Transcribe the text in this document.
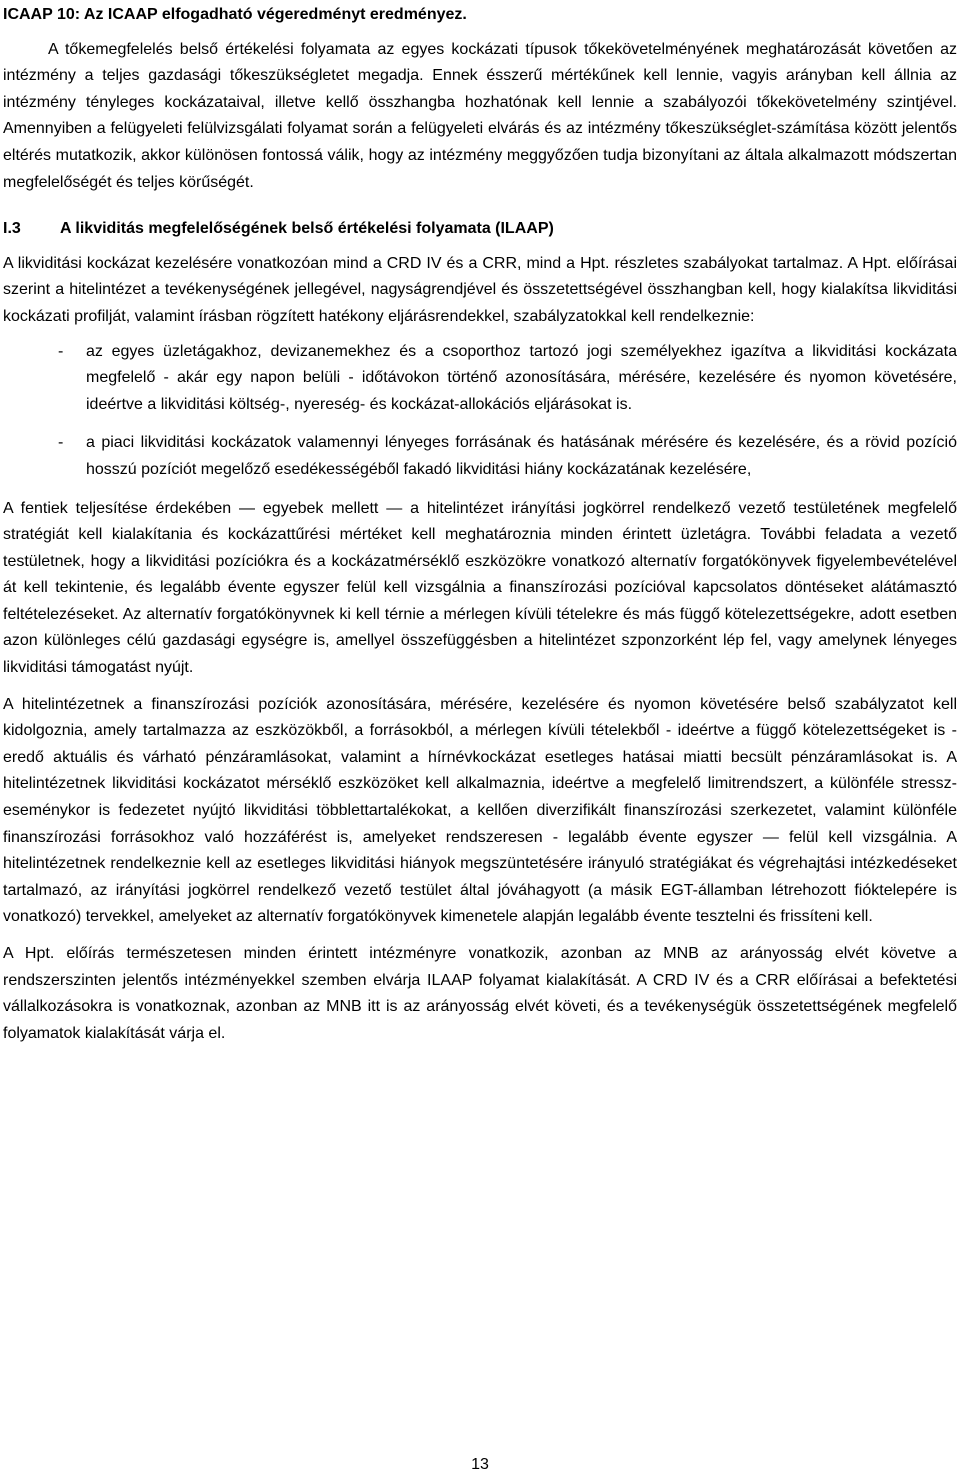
ICAAP 10: Az ICAAP elfogadható végeredményt eredményez.

A tőkemegfelelés belső értékelési folyamata az egyes kockázati típusok tőkekövetelményének meghatározását követően az intézmény a teljes gazdasági tőkeszükségletet megadja. Ennek ésszerű mértékűnek kell lennie, vagyis arányban kell állnia az intézmény tényleges kockázataival, illetve kellő összhangba hozhatónak kell lennie a szabályozói tőkekövetelmény szintjével. Amennyiben a felügyeleti felülvizsgálati folyamat során a felügyeleti elvárás és az intézmény tőkeszükséglet-számítása között jelentős eltérés mutatkozik, akkor különösen fontossá válik, hogy az intézmény meggyőzően tudja bizonyítani az általa alkalmazott módszertan megfelelőségét és teljes körűségét.

I.3	A likviditás megfelelőségének belső értékelési folyamata (ILAAP)

A likviditási kockázat kezelésére vonatkozóan mind a CRD IV és a CRR, mind a Hpt. részletes szabályokat tartalmaz. A Hpt. előírásai szerint a hitelintézet a tevékenységének jellegével, nagyságrendjével és összetettségével összhangban kell, hogy kialakítsa likviditási kockázati profilját, valamint írásban rögzített hatékony eljárásrendekkel, szabályzatokkal kell rendelkeznie:

-	az egyes üzletágakhoz, devizanemekhez és a csoporthoz tartozó jogi személyekhez igazítva a likviditási kockázata megfelelő - akár egy napon belüli - időtávokon történő azonosítására, mérésére, kezelésére és nyomon követésére, ideértve a likviditási költség-, nyereség- és kockázat-allokációs eljárásokat is.
-	a piaci likviditási kockázatok valamennyi lényeges forrásának és hatásának mérésére és kezelésére, és a rövid pozíció hosszú pozíciót megelőző esedékességéből fakadó likviditási hiány kockázatának kezelésére,

A fentiek teljesítése érdekében — egyebek mellett — a hitelintézet irányítási jogkörrel rendelkező vezető testületének megfelelő stratégiát kell kialakítania és kockázattűrési mértéket kell meghatároznia minden érintett üzletágra. További feladata a vezető testületnek, hogy a likviditási pozíciókra és a kockázatmérséklő eszközökre vonatkozó alternatív forgatókönyvek figyelembevételével át kell tekintenie, és legalább évente egyszer felül kell vizsgálnia a finanszírozási pozícióval kapcsolatos döntéseket alátámasztó feltételezéseket. Az alternatív forgatókönyvnek ki kell térnie a mérlegen kívüli tételekre és más függő kötelezettségekre, adott esetben azon különleges célú gazdasági egységre is, amellyel összefüggésben a hitelintézet szponzorként lép fel, vagy amelynek lényeges likviditási támogatást nyújt.

A hitelintézetnek a finanszírozási pozíciók azonosítására, mérésére, kezelésére és nyomon követésére belső szabályzatot kell kidolgoznia, amely tartalmazza az eszközökből, a forrásokból, a mérlegen kívüli tételekből - ideértve a függő kötelezettségeket is - eredő aktuális és várható pénzáramlásokat, valamint a hírnévkockázat esetleges hatásai miatti becsült pénzáramlásokat is. A hitelintézetnek likviditási kockázatot mérséklő eszközöket kell alkalmaznia, ideértve a megfelelő limitrendszert, a különféle stressz-eseménykor is fedezetet nyújtó likviditási többlettartalékokat, a kellően diverzifikált finanszírozási szerkezetet, valamint különféle finanszírozási forrásokhoz való hozzáférést is, amelyeket rendszeresen - legalább évente egyszer — felül kell vizsgálnia. A hitelintézetnek rendelkeznie kell az esetleges likviditási hiányok megszüntetésére irányuló stratégiákat és végrehajtási intézkedéseket tartalmazó, az irányítási jogkörrel rendelkező vezető testület által jóváhagyott (a másik EGT-államban létrehozott fióktelepére is vonatkozó) tervekkel, amelyeket az alternatív forgatókönyvek kimenetele alapján legalább évente tesztelni és frissíteni kell.

A Hpt. előírás természetesen minden érintett intézményre vonatkozik, azonban az MNB az arányosság elvét követve a rendszerszinten jelentős intézményekkel szemben elvárja ILAAP folyamat kialakítását. A CRD IV és a CRR előírásai a befektetési vállalkozásokra is vonatkoznak, azonban az MNB itt is az arányosság elvét követi, és a tevékenységük összetettségének megfelelő folyamatok kialakítását várja el.

13
